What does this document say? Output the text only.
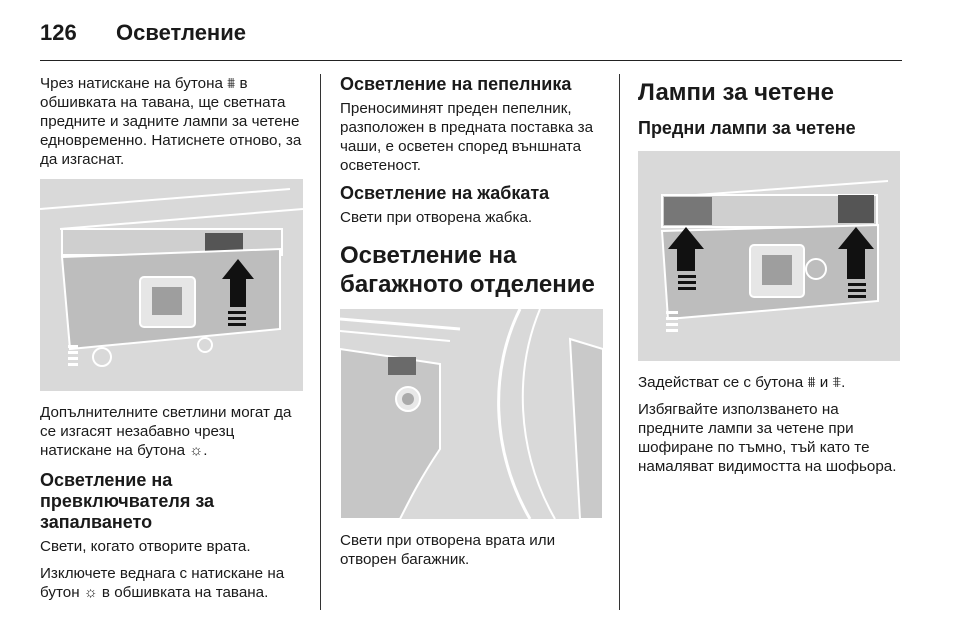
126 Осветление

Чрез натискане на бутона ⩩ в обшивката на тавана, ще светната предните и задните лампи за четене едновременно. Натиснете отново, за да изгаснат.

Допълнителните светлини могат да се изгасят незабавно чрезц натискане на бутона ☼.

Осветление на превключвателя за запалването

Свети, когато отворите врата.

Изключете веднага с натискане на бутон ☼ в обшивката на тавана.

Осветление на пепелника

Преносиминят преден пепелник, разположен в предната поставка за чаши, е осветен според външната осветеност.

Осветление на жабката

Свети при отворена жабка.

Осветление на багажното отделение

Свети при отворена врата или отворен багажник.

Лампи за четене
Предни лампи за четене

Задействат се с бутона ⩩ и ⩨.

Избягвайте използването на предните лампи за четене при шофиране по тъмно, тъй като те намаляват видимостта на шофьора.
